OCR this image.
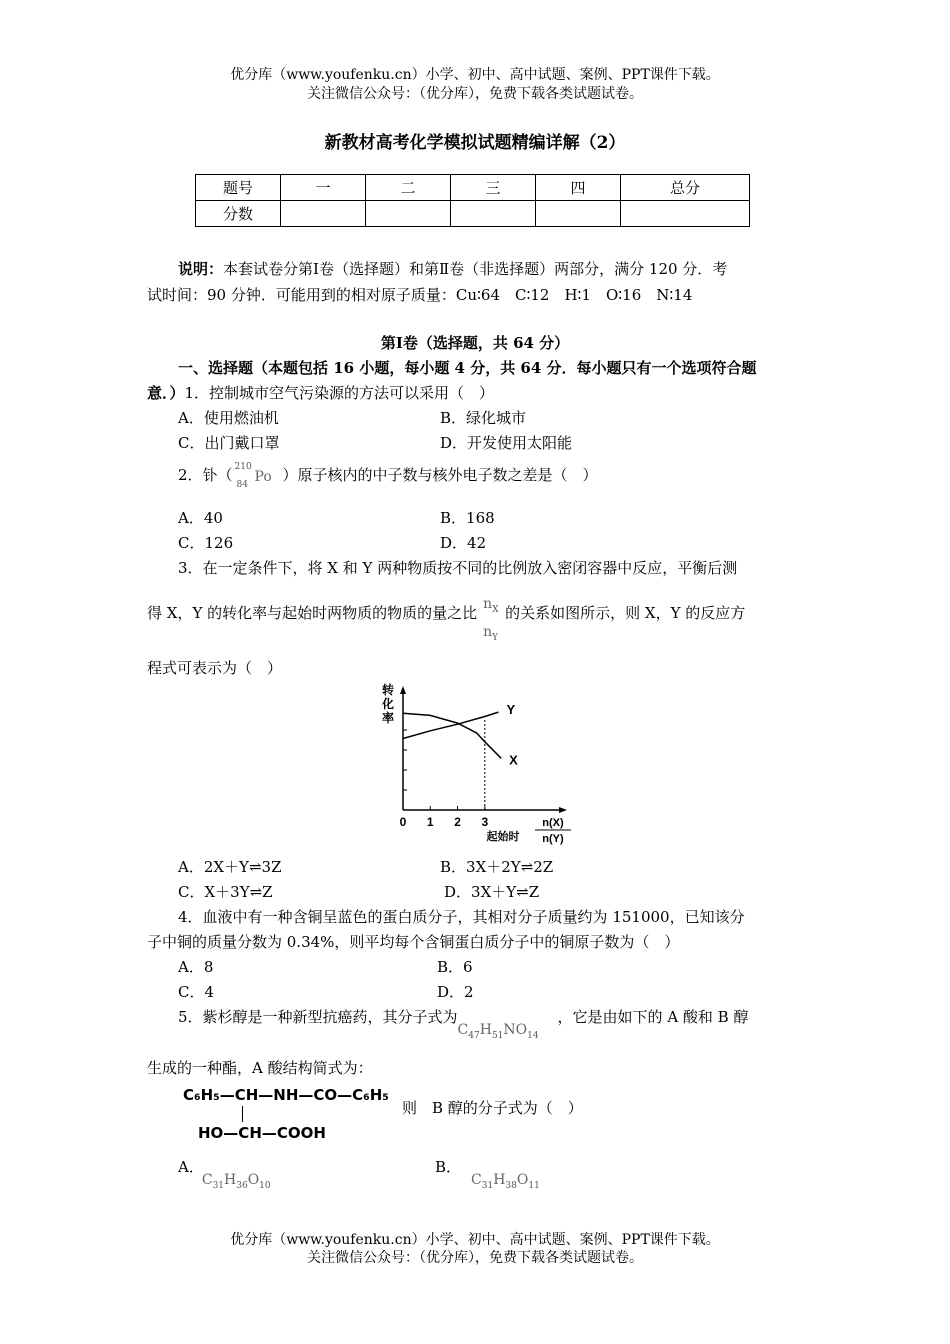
优分库（www.youfenku.cn）小学、初中、高中试题、案例、PPT课件下载。
关注微信公众号：（优分库），免费下载各类试题试卷。
新教材高考化学模拟试题精编详解（2）
题号	一	二	三	四	总分
分数					
说明：本套试卷分第Ⅰ卷（选择题）和第Ⅱ卷（非选择题）两部分，满分 120 分．考
试时间：90 分钟．可能用到的相对原子质量：Cu∶64　C∶12　H∶1　O∶16　N∶14
第Ⅰ卷（选择题，共 64 分）
一、选择题（本题包括 16 小题，每小题 4 分，共 64 分．每小题只有一个选项符合题
意．）1．控制城市空气污染源的方法可以采用（　）
A．使用燃油机	B．绿化城市
C．出门戴口罩	D．开发使用太阳能
2．钋（ 210
84 Po ）原子核内的中子数与核外电子数之差是（　）
A．40	B．168
C．126	D．42
3．在一定条件下，将 X 和 Y 两种物质按不同的比例放入密闭容器中反应，平衡后测
得 X，Y 的转化率与起始时两物质的物质的量之比 $n_X$
$n_Y$
的关系如图所示，则 X，Y 的反应方
程式可表示为（　）
0 1 2 3
转
化
率
起始时
n(X)
n(Y)
Y
X
A．2X＋Y⇌3Z	B．3X＋2Y⇌2Z
C．X＋3Y⇌Z	D．3X＋Y⇌Z
4．血液中有一种含铜呈蓝色的蛋白质分子，其相对分子质量约为 151000，已知该分
子中铜的质量分数为 0.34%，则平均每个含铜蛋白质分子中的铜原子数为（　）
A．8	B．6
C．4	D．2
5．紫杉醇是一种新型抗癌药，其分子式为$C_{47}H_{51}NO_{14}$，它是由如下的 A 酸和 B 醇
生成的一种酯，A 酸结构简式为：
C₆H₅—CH—NH—CO—C₆H₅
HO—CH—COOH
则　B 醇的分子式为（　）
A．$C_{31}H_{36}O_{10}$
B．$C_{31}H_{38}O_{11}$
优分库（www.youfenku.cn）小学、初中、高中试题、案例、PPT课件下载。
关注微信公众号：（优分库），免费下载各类试题试卷。
